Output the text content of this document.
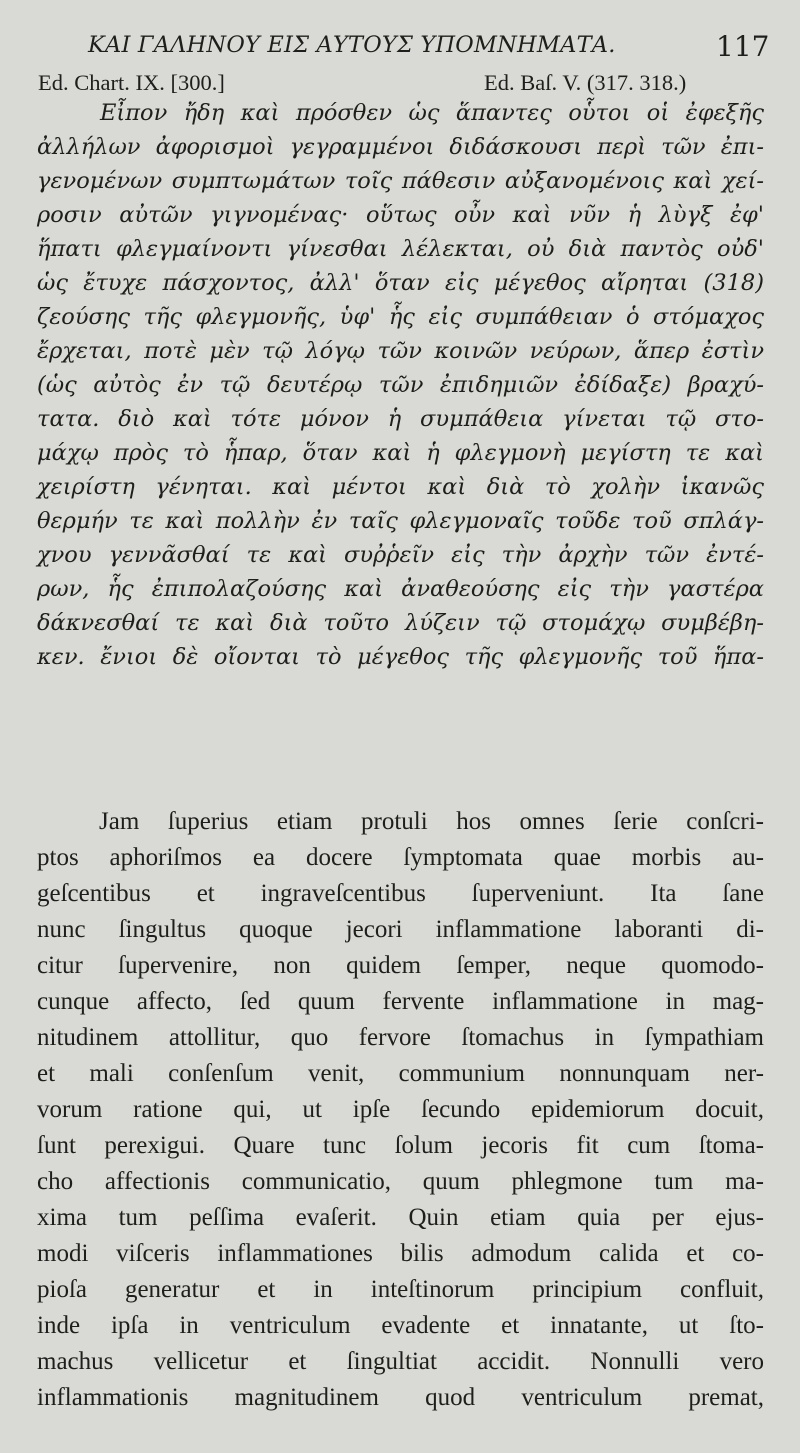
ΚΑΙ ΓΑΛΗΝΟΥ ΕΙΣ ΑΥΤΟΥΣ ΥΠΟΜΝΗΜΑΤΑ.	117
Ed. Chart. IX. [300.]	Ed. Baſ. V. (317. 318.)
Εἶπον ἤδη καὶ πρόσθεν ὡς ἅπαντες οὗτοι οἱ ἐφεξῆς
ἀλλήλων ἀφορισμοὶ γεγραμμένοι διδάσκουσι περὶ τῶν ἐπι-
γενομένων συμπτωμάτων τοῖς πάθεσιν αὐξανομένοις καὶ χεί-
ροσιν αὐτῶν γιγνομένας· οὕτως οὖν καὶ νῦν ἡ λὺγξ ἐφ'
ἥπατι φλεγμαίνοντι γίνεσθαι λέλεκται, οὐ διὰ παντὸς οὐδ'
ὡς ἔτυχε πάσχοντος, ἀλλ' ὅταν εἰς μέγεθος αἴρηται (318)
ζεούσης τῆς φλεγμονῆς, ὑφ' ἧς εἰς συμπάθειαν ὁ στόμαχος
ἔρχεται, ποτὲ μὲν τῷ λόγῳ τῶν κοινῶν νεύρων, ἅπερ ἐστὶν
(ὡς αὐτὸς ἐν τῷ δευτέρῳ τῶν ἐπιδημιῶν ἐδίδαξε) βραχύ-
τατα. διὸ καὶ τότε μόνον ἡ συμπάθεια γίνεται τῷ στο-
μάχῳ πρὸς τὸ ἧπαρ, ὅταν καὶ ἡ φλεγμονὴ μεγίστη τε καὶ
χειρίστη γένηται. καὶ μέντοι καὶ διὰ τὸ χολὴν ἱκανῶς
θερμήν τε καὶ πολλὴν ἐν ταῖς φλεγμοναῖς τοῦδε τοῦ σπλάγ-
χνου γεννᾶσθαί τε καὶ συῤῥεῖν εἰς τὴν ἀρχὴν τῶν ἐντέ-
ρων, ἧς ἐπιπολαζούσης καὶ ἀναθεούσης εἰς τὴν γαστέρα
δάκνεσθαί τε καὶ διὰ τοῦτο λύζειν τῷ στομάχῳ συμβέβη-
κεν. ἔνιοι δὲ οἴονται τὸ μέγεθος τῆς φλεγμονῆς τοῦ ἥπα-
Jam ſuperius etiam protuli hos omnes ſerie conſcri-
ptos aphoriſmos ea docere ſymptomata quae morbis au-
geſcentibus et ingraveſcentibus ſuperveniunt. Ita ſane
nunc ſingultus quoque jecori inflammatione laboranti di-
citur ſupervenire, non quidem ſemper, neque quomodo-
cunque affecto, ſed quum fervente inflammatione in mag-
nitudinem attollitur, quo fervore ſtomachus in ſympathiam
et mali conſenſum venit, communium nonnunquam ner-
vorum ratione qui, ut ipſe ſecundo epidemiorum docuit,
ſunt perexigui. Quare tunc ſolum jecoris fit cum ſtoma-
cho affectionis communicatio, quum phlegmone tum ma-
xima tum peſſima evaſerit. Quin etiam quia per ejus-
modi viſceris inflammationes bilis admodum calida et co-
pioſa generatur et in inteſtinorum principium confluit,
inde ipſa in ventriculum evadente et innatante, ut ſto-
machus vellicetur et ſingultiat accidit. Nonnulli vero
inflammationis magnitudinem quod ventriculum premat,
